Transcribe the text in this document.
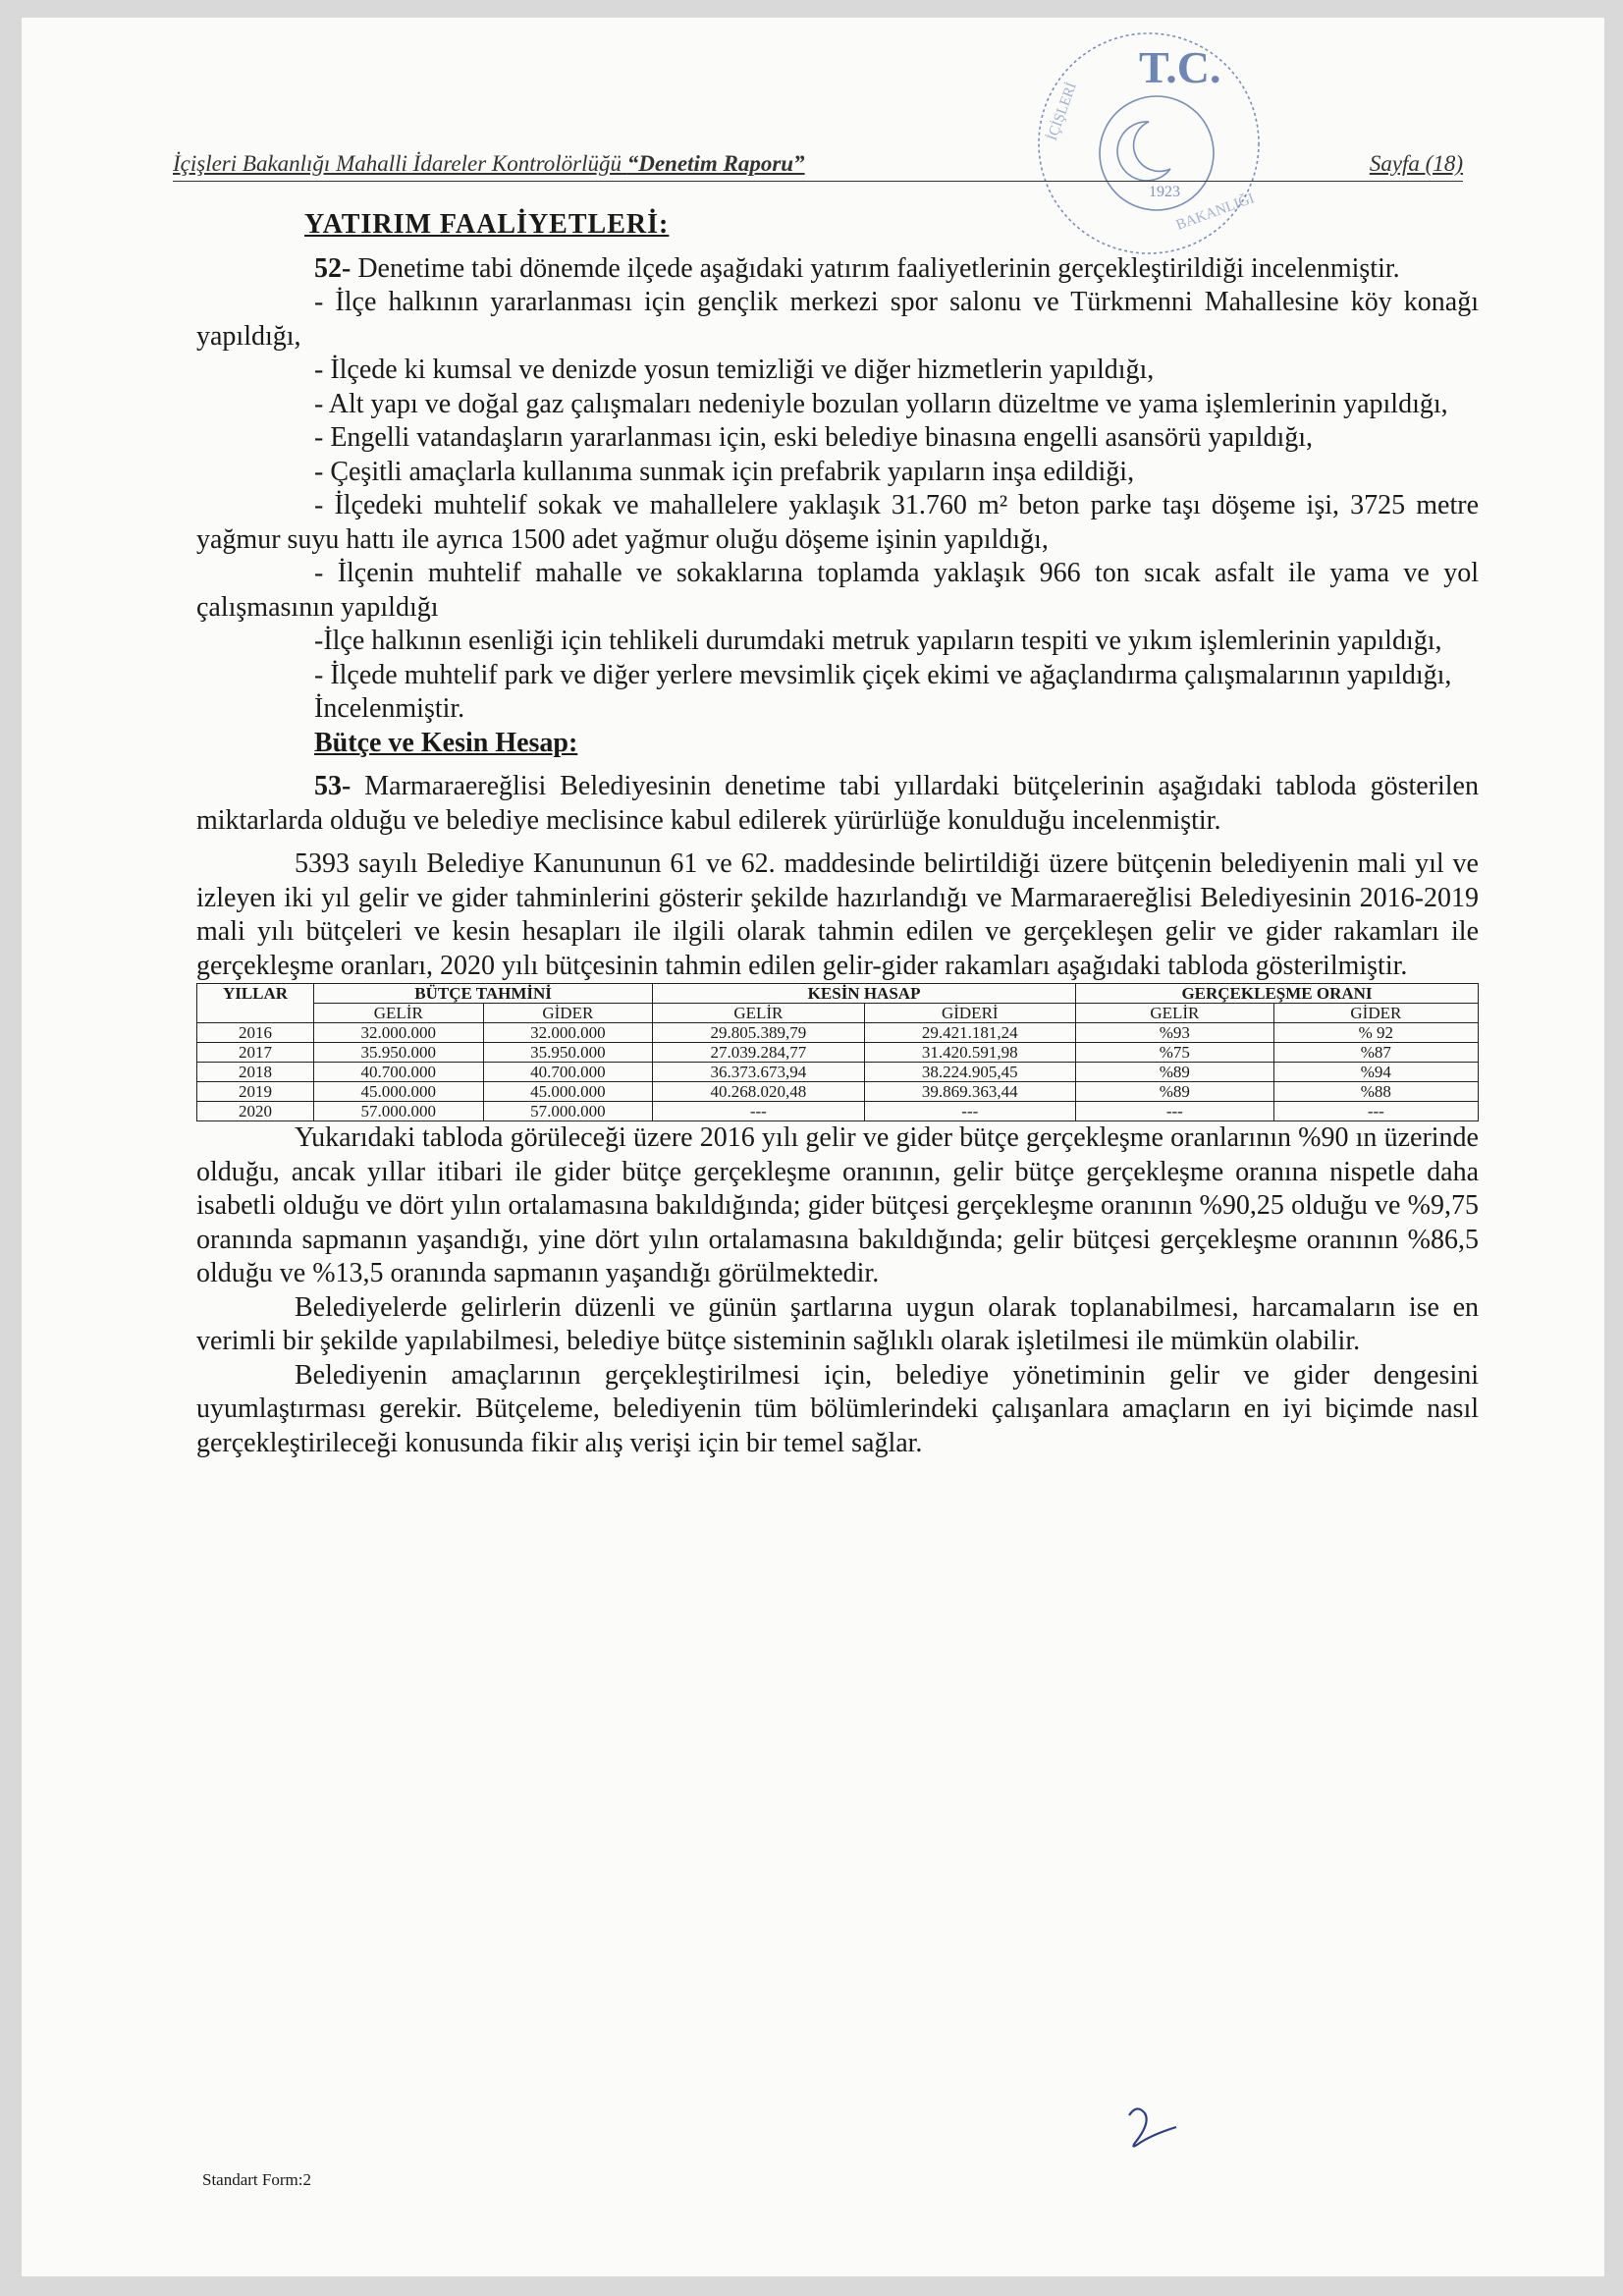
T.C.
1923
İÇİŞLERİ
BAKANLIĞI
İçişleri Bakanlığı Mahalli İdareler Kontrolörlüğü “Denetim Raporu”	Sayfa (18)

YATIRIM FAALİYETLERİ:

52- Denetime tabi dönemde ilçede aşağıdaki yatırım faaliyetlerinin gerçekleştirildiği incelenmiştir.

- İlçe halkının yararlanması için gençlik merkezi spor salonu ve Türkmenni Mahallesine köy konağı yapıldığı,

- İlçede ki kumsal ve denizde yosun temizliği ve diğer hizmetlerin yapıldığı,

- Alt yapı ve doğal gaz çalışmaları nedeniyle bozulan yolların düzeltme ve yama işlemlerinin yapıldığı,

- Engelli vatandaşların yararlanması için, eski belediye binasına engelli asansörü yapıldığı,

- Çeşitli amaçlarla kullanıma sunmak için prefabrik yapıların inşa edildiği,

- İlçedeki muhtelif sokak ve mahallelere yaklaşık 31.760 m² beton parke taşı döşeme işi, 3725 metre yağmur suyu hattı ile ayrıca 1500 adet yağmur oluğu döşeme işinin yapıldığı,

- İlçenin muhtelif mahalle ve sokaklarına toplamda yaklaşık 966 ton sıcak asfalt ile yama ve yol çalışmasının yapıldığı

-İlçe halkının esenliği için tehlikeli durumdaki metruk yapıların tespiti ve yıkım işlemlerinin yapıldığı,

- İlçede muhtelif park ve diğer yerlere mevsimlik çiçek ekimi ve ağaçlandırma çalışmalarının yapıldığı,

İncelenmiştir.

Bütçe ve Kesin Hesap:

53- Marmaraereğlisi Belediyesinin denetime tabi yıllardaki bütçelerinin aşağıdaki tabloda gösterilen miktarlarda olduğu ve belediye meclisince kabul edilerek yürürlüğe konulduğu incelenmiştir.

5393 sayılı Belediye Kanununun 61 ve 62. maddesinde belirtildiği üzere bütçenin belediyenin mali yıl ve izleyen iki yıl gelir ve gider tahminlerini gösterir şekilde hazırlandığı ve Marmaraereğlisi Belediyesinin 2016-2019 mali yılı bütçeleri ve kesin hesapları ile ilgili olarak tahmin edilen ve gerçekleşen gelir ve gider rakamları ile gerçekleşme oranları, 2020 yılı bütçesinin tahmin edilen gelir-gider rakamları aşağıdaki tabloda gösterilmiştir.

YILLAR	BÜTÇE TAHMİNİ		KESİN HASAP		GERÇEKLEŞME ORANI	
	GELİR	GİDER	GELİR	GİDERİ	GELİR	GİDER
2016	32.000.000	32.000.000	29.805.389,79	29.421.181,24	%93	% 92
2017	35.950.000	35.950.000	27.039.284,77	31.420.591,98	%75	%87
2018	40.700.000	40.700.000	36.373.673,94	38.224.905,45	%89	%94
2019	45.000.000	45.000.000	40.268.020,48	39.869.363,44	%89	%88
2020	57.000.000	57.000.000	---	---	---	---

Yukarıdaki tabloda görüleceği üzere 2016 yılı gelir ve gider bütçe gerçekleşme oranlarının %90 ın üzerinde olduğu, ancak yıllar itibari ile gider bütçe gerçekleşme oranının, gelir bütçe gerçekleşme oranına nispetle daha isabetli olduğu ve dört yılın ortalamasına bakıldığında; gider bütçesi gerçekleşme oranının %90,25 olduğu ve %9,75 oranında sapmanın yaşandığı, yine dört yılın ortalamasına bakıldığında; gelir bütçesi gerçekleşme oranının %86,5 olduğu ve %13,5 oranında sapmanın yaşandığı görülmektedir.

Belediyelerde gelirlerin düzenli ve günün şartlarına uygun olarak toplanabilmesi, harcamaların ise en verimli bir şekilde yapılabilmesi, belediye bütçe sisteminin sağlıklı olarak işletilmesi ile mümkün olabilir.

Belediyenin amaçlarının gerçekleştirilmesi için, belediye yönetiminin gelir ve gider dengesini uyumlaştırması gerekir. Bütçeleme, belediyenin tüm bölümlerindeki çalışanlara amaçların en iyi biçimde nasıl gerçekleştirileceği konusunda fikir alış verişi için bir temel sağlar.

Standart Form:2
